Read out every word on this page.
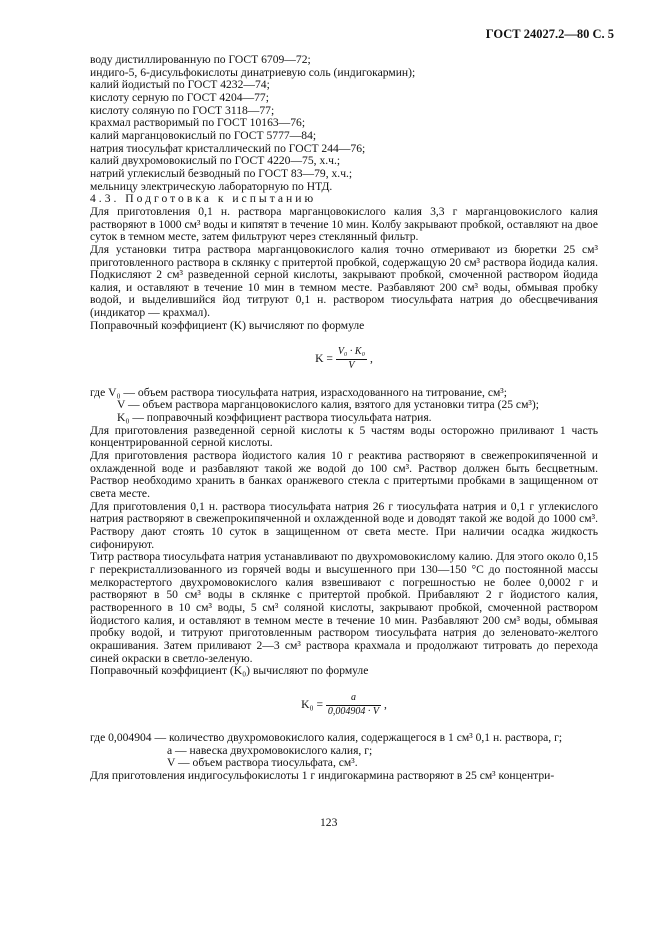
ГОСТ 24027.2—80 С. 5
воду дистиллированную по ГОСТ 6709—72;
индиго-5, 6-дисульфокислоты динатриевую соль (индигокармин);
калий йодистый по ГОСТ 4232—74;
кислоту серную по ГОСТ 4204—77;
кислоту соляную по ГОСТ 3118—77;
крахмал растворимый по ГОСТ 10163—76;
калий марганцовокислый по ГОСТ 5777—84;
натрия тиосульфат кристаллический по ГОСТ 244—76;
калий двухромовокислый по ГОСТ 4220—75, х.ч.;
натрий углекислый безводный по ГОСТ 83—79, х.ч.;
мельницу электрическую лабораторную по НТД.
4.3. Подготовка к испытанию
Для приготовления 0,1 н. раствора марганцовокислого калия 3,3 г марганцовокислого калия растворяют в 1000 см³ воды и кипятят в течение 10 мин. Колбу закрывают пробкой, оставляют на двое суток в темном месте, затем фильтруют через стеклянный фильтр.
Для установки титра раствора марганцовокислого калия точно отмеривают из бюретки 25 см³ приготовленного раствора в склянку с притертой пробкой, содержащую 20 см³ раствора йодида калия. Подкисляют 2 см³ разведенной серной кислоты, закрывают пробкой, смоченной раствором йодида калия, и оставляют в течение 10 мин в темном месте. Разбавляют 200 см³ воды, обмывая пробку водой, и выделившийся йод титруют 0,1 н. раствором тиосульфата натрия до обесцвечивания (индикатор — крахмал).
Поправочный коэффициент (K) вычисляют по формуле
$K = \frac{\text{V₀ · K₀}}{V}$ ,
где V₀ — объем раствора тиосульфата натрия, израсходованного на титрование, см³;
V — объем раствора марганцовокислого калия, взятого для установки титра (25 см³);
K₀ — поправочный коэффициент раствора тиосульфата натрия.
Для приготовления разведенной серной кислоты к 5 частям воды осторожно приливают 1 часть концентрированной серной кислоты.
Для приготовления раствора йодистого калия 10 г реактива растворяют в свежепрокипяченной и охлажденной воде и разбавляют такой же водой до 100 см³. Раствор должен быть бесцветным. Раствор необходимо хранить в банках оранжевого стекла с притертыми пробками в защищенном от света месте.
Для приготовления 0,1 н. раствора тиосульфата натрия 26 г тиосульфата натрия и 0,1 г углекислого натрия растворяют в свежепрокипяченной и охлажденной воде и доводят такой же водой до 1000 см³. Раствору дают стоять 10 суток в защищенном от света месте. При наличии осадка жидкость сифонируют.
Титр раствора тиосульфата натрия устанавливают по двухромовокислому калию. Для этого около 0,15 г перекристаллизованного из горячей воды и высушенного при 130—150 °С до постоянной массы мелкорастертого двухромовокислого калия взвешивают с погрешностью не более 0,0002 г и растворяют в 50 см³ воды в склянке с притертой пробкой. Прибавляют 2 г йодистого калия, растворенного в 10 см³ воды, 5 см³ соляной кислоты, закрывают пробкой, смоченной раствором йодистого калия, и оставляют в темном месте в течение 10 мин. Разбавляют 200 см³ воды, обмывая пробку водой, и титруют приготовленным раствором тиосульфата натрия до зеленовато-желтого окрашивания. Затем приливают 2—3 см³ раствора крахмала и продолжают титровать до перехода синей окраски в светло-зеленую.
Поправочный коэффициент (K₀) вычисляют по формуле
$K_0 = \frac{a}{0,004904 \cdot V}$ ,
где 0,004904 — количество двухромовокислого калия, содержащегося в 1 см³ 0,1 н. раствора, г;
a — навеска двухромовокислого калия, г;
V — объем раствора тиосульфата, см³.
Для приготовления индигосульфокислоты 1 г индигокармина растворяют в 25 см³ концентри-
123
